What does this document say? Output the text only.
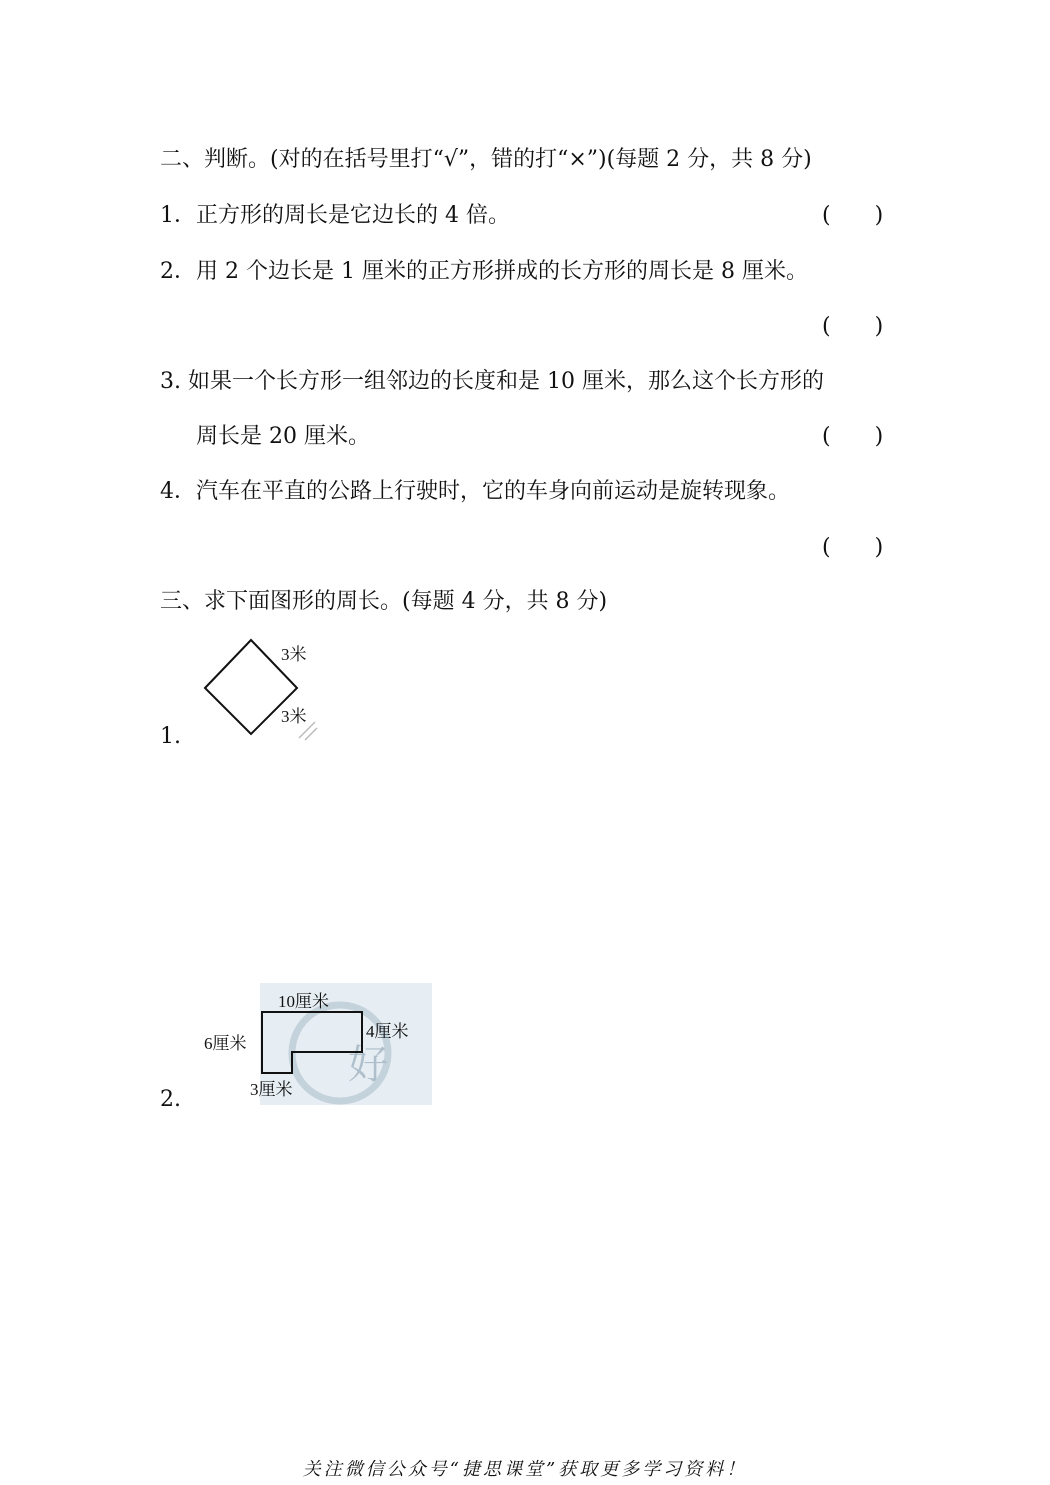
二、判断。(对的在括号里打“√”，错的打“×”)(每题 2 分，共 8 分)
1．正方形的周长是它边长的 4 倍。	(　　)
2．用 2 个边长是 1 厘米的正方形拼成的长方形的周长是 8 厘米。
(　　)
3. 如果一个长方形一组邻边的长度和是 10 厘米，那么这个长方形的
周长是 20 厘米。	(　　)
4．汽车在平直的公路上行驶时，它的车身向前运动是旋转现象。
(　　)
三、求下面图形的周长。(每题 4 分，共 8 分)
1.
3米
3米
2.
好
10厘米
4厘米
6厘米
3厘米
关注微信公众号“捷思课堂”获取更多学习资料！
